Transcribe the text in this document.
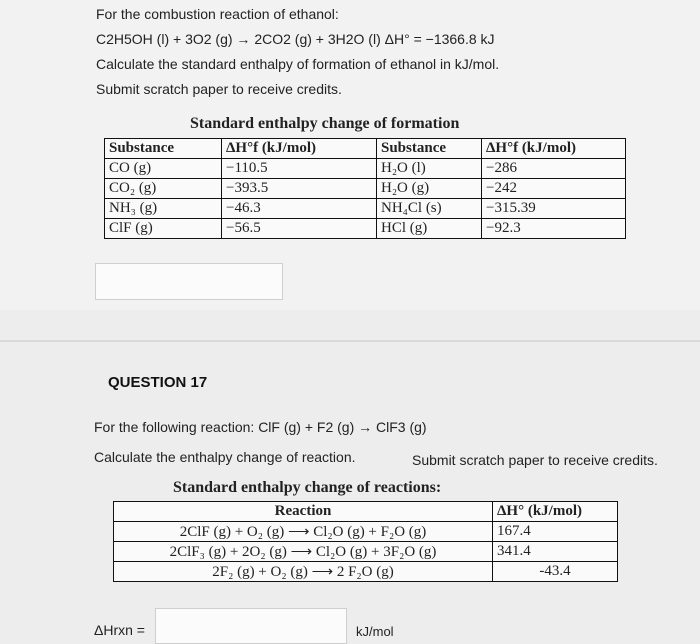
For the combustion reaction of ethanol:
C2H5OH (l) + 3O2 (g) → 2CO2 (g) + 3H2O (l) ΔH° = −1366.8 kJ
Calculate the standard enthalpy of formation of ethanol in kJ/mol.
Submit scratch paper to receive credits.
Standard enthalpy change of formation
Substance	ΔH°f (kJ/mol)	Substance	ΔH°f (kJ/mol)
CO (g)	−110.5	H₂O (l)	−286
CO₂ (g)	−393.5	H₂O (g)	−242
NH₃ (g)	−46.3	NH₄Cl (s)	−315.39
ClF (g)	−56.5	HCl (g)	−92.3
QUESTION 17
For the following reaction: ClF (g) + F2 (g) → ClF3 (g)
Calculate the enthalpy change of reaction.	Submit scratch paper to receive credits.
Standard enthalpy change of reactions:
Reaction	ΔH° (kJ/mol)
2ClF (g) + O₂ (g) ⟶ Cl₂O (g) + F₂O (g)	167.4
2ClF₃ (g) + 2O₂ (g) ⟶ Cl₂O (g) + 3F₂O (g)	341.4
2F₂ (g) + O₂ (g) ⟶ 2 F₂O (g)	-43.4
ΔHrxn =	kJ/mol
